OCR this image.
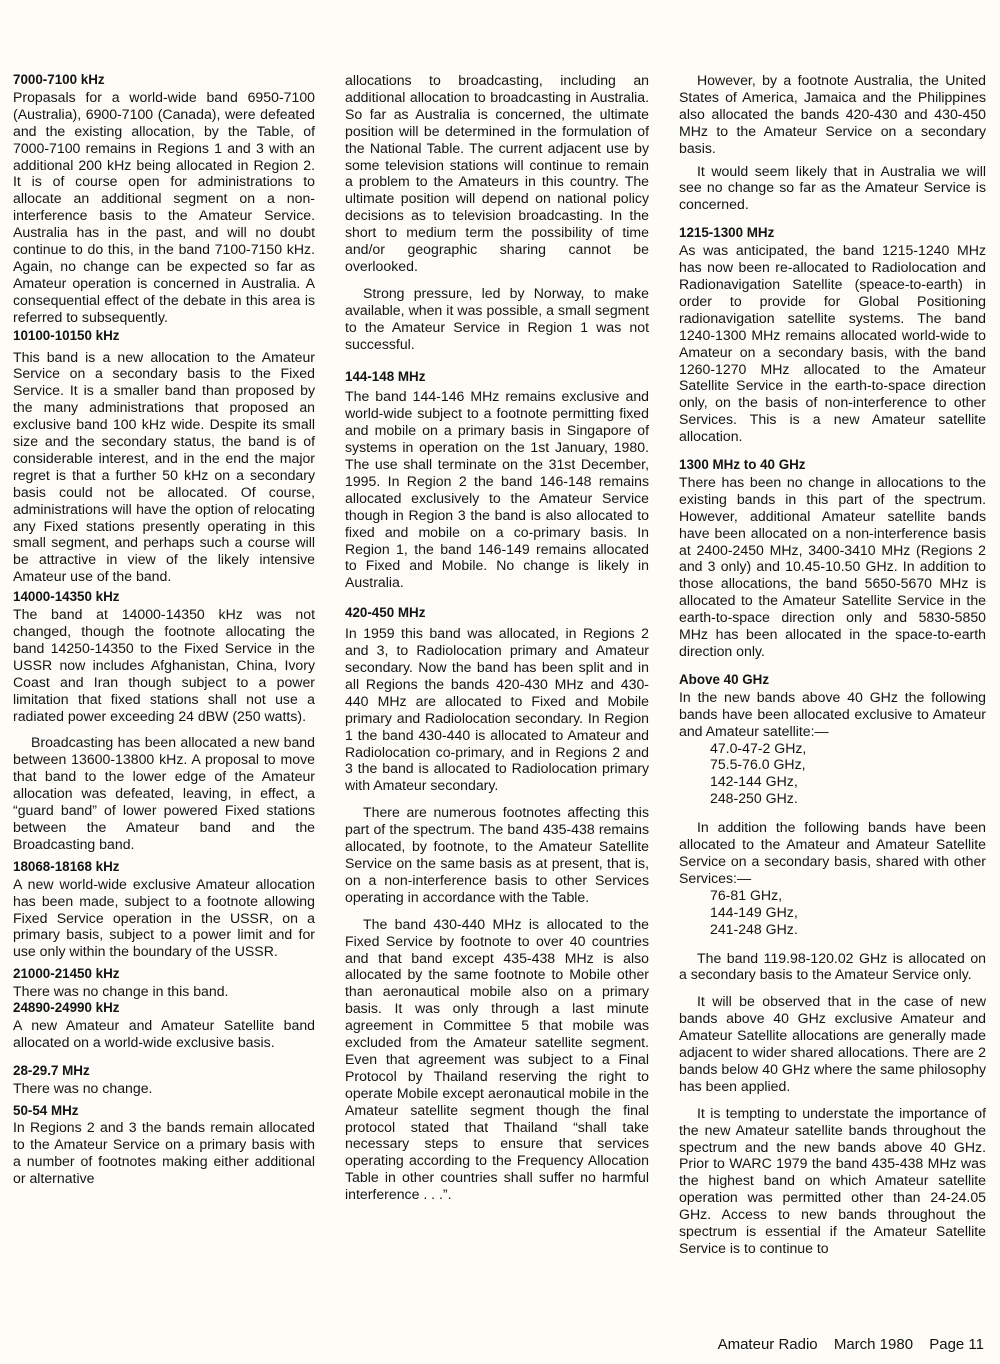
7000-7100 kHz

Propasals for a world-wide band 6950-7100 (Australia), 6900-7100 (Canada), were defeated and the existing allocation, by the Table, of 7000-7100 remains in Regions 1 and 3 with an additional 200 kHz being allocated in Region 2. It is of course open for administrations to allocate an additional segment on a non-interference basis to the Amateur Service. Australia has in the past, and will no doubt continue to do this, in the band 7100-7150 kHz. Again, no change can be expected so far as Amateur operation is concerned in Australia. A consequential effect of the debate in this area is referred to subsequently.

10100-10150 kHz

This band is a new allocation to the Amateur Service on a secondary basis to the Fixed Service. It is a smaller band than proposed by the many administrations that proposed an exclusive band 100 kHz wide. Despite its small size and the secondary status, the band is of considerable interest, and in the end the major regret is that a further 50 kHz on a secondary basis could not be allocated. Of course, administrations will have the option of relocating any Fixed stations presently operating in this small segment, and perhaps such a course will be attractive in view of the likely intensive Amateur use of the band.

14000-14350 kHz

The band at 14000-14350 kHz was not changed, though the footnote allocating the band 14250-14350 to the Fixed Service in the USSR now includes Afghanistan, China, Ivory Coast and Iran though subject to a power limitation that fixed stations shall not use a radiated power exceeding 24 dBW (250 watts).

Broadcasting has been allocated a new band between 13600-13800 kHz. A proposal to move that band to the lower edge of the Amateur allocation was defeated, leaving, in effect, a “guard band” of lower powered Fixed stations between the Amateur band and the Broadcasting band.

18068-18168 kHz

A new world-wide exclusive Amateur allocation has been made, subject to a footnote allowing Fixed Service operation in the USSR, on a primary basis, subject to a power limit and for use only within the boundary of the USSR.

21000-21450 kHz

There was no change in this band.

24890-24990 kHz

A new Amateur and Amateur Satellite band allocated on a world-wide exclusive basis.

28-29.7 MHz

There was no change.

50-54 MHz

In Regions 2 and 3 the bands remain allocated to the Amateur Service on a primary basis with a number of footnotes making either additional or alternative

allocations to broadcasting, including an additional allocation to broadcasting in Australia. So far as Australia is concerned, the ultimate position will be determined in the formulation of the National Table. The current adjacent use by some television stations will continue to remain a problem to the Amateurs in this country. The ultimate position will depend on national policy decisions as to television broadcasting. In the short to medium term the possibility of time and/or geographic sharing cannot be overlooked.

Strong pressure, led by Norway, to make available, when it was possible, a small segment to the Amateur Service in Region 1 was not successful.

144-148 MHz

The band 144-146 MHz remains exclusive and world-wide subject to a footnote permitting fixed and mobile on a primary basis in Singapore of systems in operation on the 1st January, 1980. The use shall terminate on the 31st December, 1995. In Region 2 the band 146-148 remains allocated exclusively to the Amateur Service though in Region 3 the band is also allocated to fixed and mobile on a co-primary basis. In Region 1, the band 146-149 remains allocated to Fixed and Mobile. No change is likely in Australia.

420-450 MHz

In 1959 this band was allocated, in Regions 2 and 3, to Radiolocation primary and Amateur secondary. Now the band has been split and in all Regions the bands 420-430 MHz and 430-440 MHz are allocated to Fixed and Mobile primary and Radiolocation secondary. In Region 1 the band 430-440 is allocated to Amateur and Radiolocation co-primary, and in Regions 2 and 3 the band is allocated to Radiolocation primary with Amateur secondary.

There are numerous footnotes affecting this part of the spectrum. The band 435-438 remains allocated, by footnote, to the Amateur Satellite Service on the same basis as at present, that is, on a non-interference basis to other Services operating in accordance with the Table.

The band 430-440 MHz is allocated to the Fixed Service by footnote to over 40 countries and that band except 435-438 MHz is also allocated by the same footnote to Mobile other than aeronautical mobile also on a primary basis. It was only through a last minute agreement in Committee 5 that mobile was excluded from the Amateur satellite segment. Even that agreement was subject to a Final Protocol by Thailand reserving the right to operate Mobile except aeronautical mobile in the Amateur satellite segment though the final protocol stated that Thailand “shall take necessary steps to ensure that services operating according to the Frequency Allocation Table in other countries shall suffer no harmful interference . . .”.

However, by a footnote Australia, the United States of America, Jamaica and the Philippines also allocated the bands 420-430 and 430-450 MHz to the Amateur Service on a secondary basis.

It would seem likely that in Australia we will see no change so far as the Amateur Service is concerned.

1215-1300 MHz

As was anticipated, the band 1215-1240 MHz has now been re-allocated to Radiolocation and Radionavigation Satellite (speace-to-earth) in order to provide for Global Positioning radionavigation satellite systems. The band 1240-1300 MHz remains allocated world-wide to Amateur on a secondary basis, with the band 1260-1270 MHz allocated to the Amateur Satellite Service in the earth-to-space direction only, on the basis of non-interference to other Services. This is a new Amateur satellite allocation.

1300 MHz to 40 GHz

There has been no change in allocations to the existing bands in this part of the spectrum. However, additional Amateur satellite bands have been allocated on a non-interference basis at 2400-2450 MHz, 3400-3410 MHz (Regions 2 and 3 only) and 10.45-10.50 GHz. In addition to those allocations, the band 5650-5670 MHz is allocated to the Amateur Satellite Service in the earth-to-space direction only and 5830-5850 MHz has been allocated in the space-to-earth direction only.

Above 40 GHz

In the new bands above 40 GHz the following bands have been allocated exclusive to Amateur and Amateur satellite:—

47.0-47-2 GHz,
75.5-76.0 GHz,
142-144 GHz,
248-250 GHz.

In addition the following bands have been allocated to the Amateur and Amateur Satellite Service on a secondary basis, shared with other Services:—

76-81 GHz,
144-149 GHz,
241-248 GHz.

The band 119.98-120.02 GHz is allocated on a secondary basis to the Amateur Service only.

It will be observed that in the case of new bands above 40 GHz exclusive Amateur and Amateur Satellite allocations are generally made adjacent to wider shared allocations. There are 2 bands below 40 GHz where the same philosophy has been applied.

It is tempting to understate the importance of the new Amateur satellite bands throughout the spectrum and the new bands above 40 GHz. Prior to WARC 1979 the band 435-438 MHz was the highest band on which Amateur satellite operation was permitted other than 24-24.05 GHz. Access to new bands throughout the spectrum is essential if the Amateur Satellite Service is to continue to

Amateur Radio March 1980 Page 11
